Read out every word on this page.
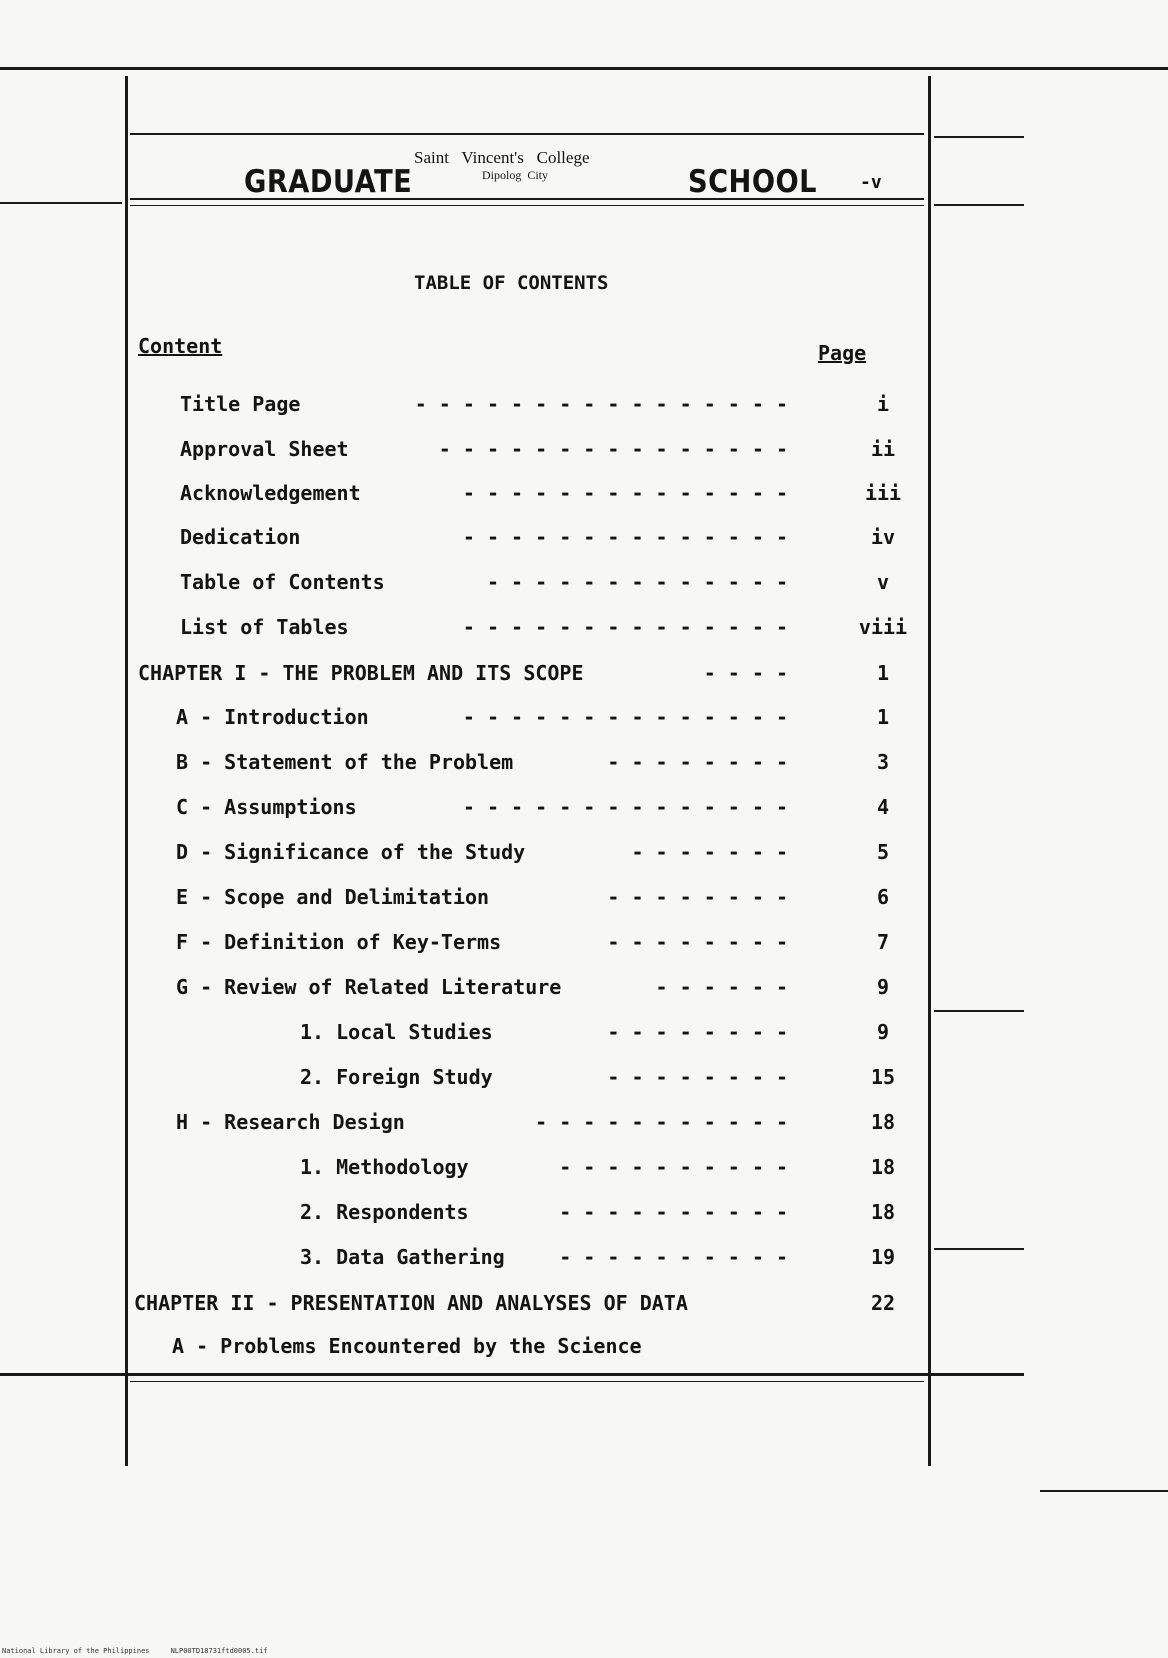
GRADUATE
Saint   Vincent's   College
Dipolog  City	SCHOOL -v
TABLE OF CONTENTS
Content	Page
Title Page	- - - - - - - - - - - - - - - -	i
Approval Sheet	- - - - - - - - - - - - - - -	ii
Acknowledgement	- - - - - - - - - - - - - -	iii
Dedication	- - - - - - - - - - - - - -	iv
Table of Contents	- - - - - - - - - - - - -	v
List of Tables	- - - - - - - - - - - - - -	viii
CHAPTER I - THE PROBLEM AND ITS SCOPE	- - - -	1
A - Introduction	- - - - - - - - - - - - - -	1
B - Statement of the Problem	- - - - - - - -	3
C - Assumptions	- - - - - - - - - - - - - -	4
D - Significance of the Study	- - - - - - -	5
E - Scope and Delimitation	- - - - - - - -	6
F - Definition of Key-Terms	- - - - - - - -	7
G - Review of Related Literature	- - - - - -	9
1. Local Studies	- - - - - - - -	9
2. Foreign Study	- - - - - - - -	15
H - Research Design	- - - - - - - - - - -	18
1. Methodology	- - - - - - - - - -	18
2. Respondents	- - - - - - - - - -	18
3. Data Gathering	- - - - - - - - - -	19
CHAPTER II - PRESENTATION AND ANALYSES OF DATA	22
A - Problems Encountered by the Science
National Library of the Philippines     NLP00TD18731ftd0005.tif
